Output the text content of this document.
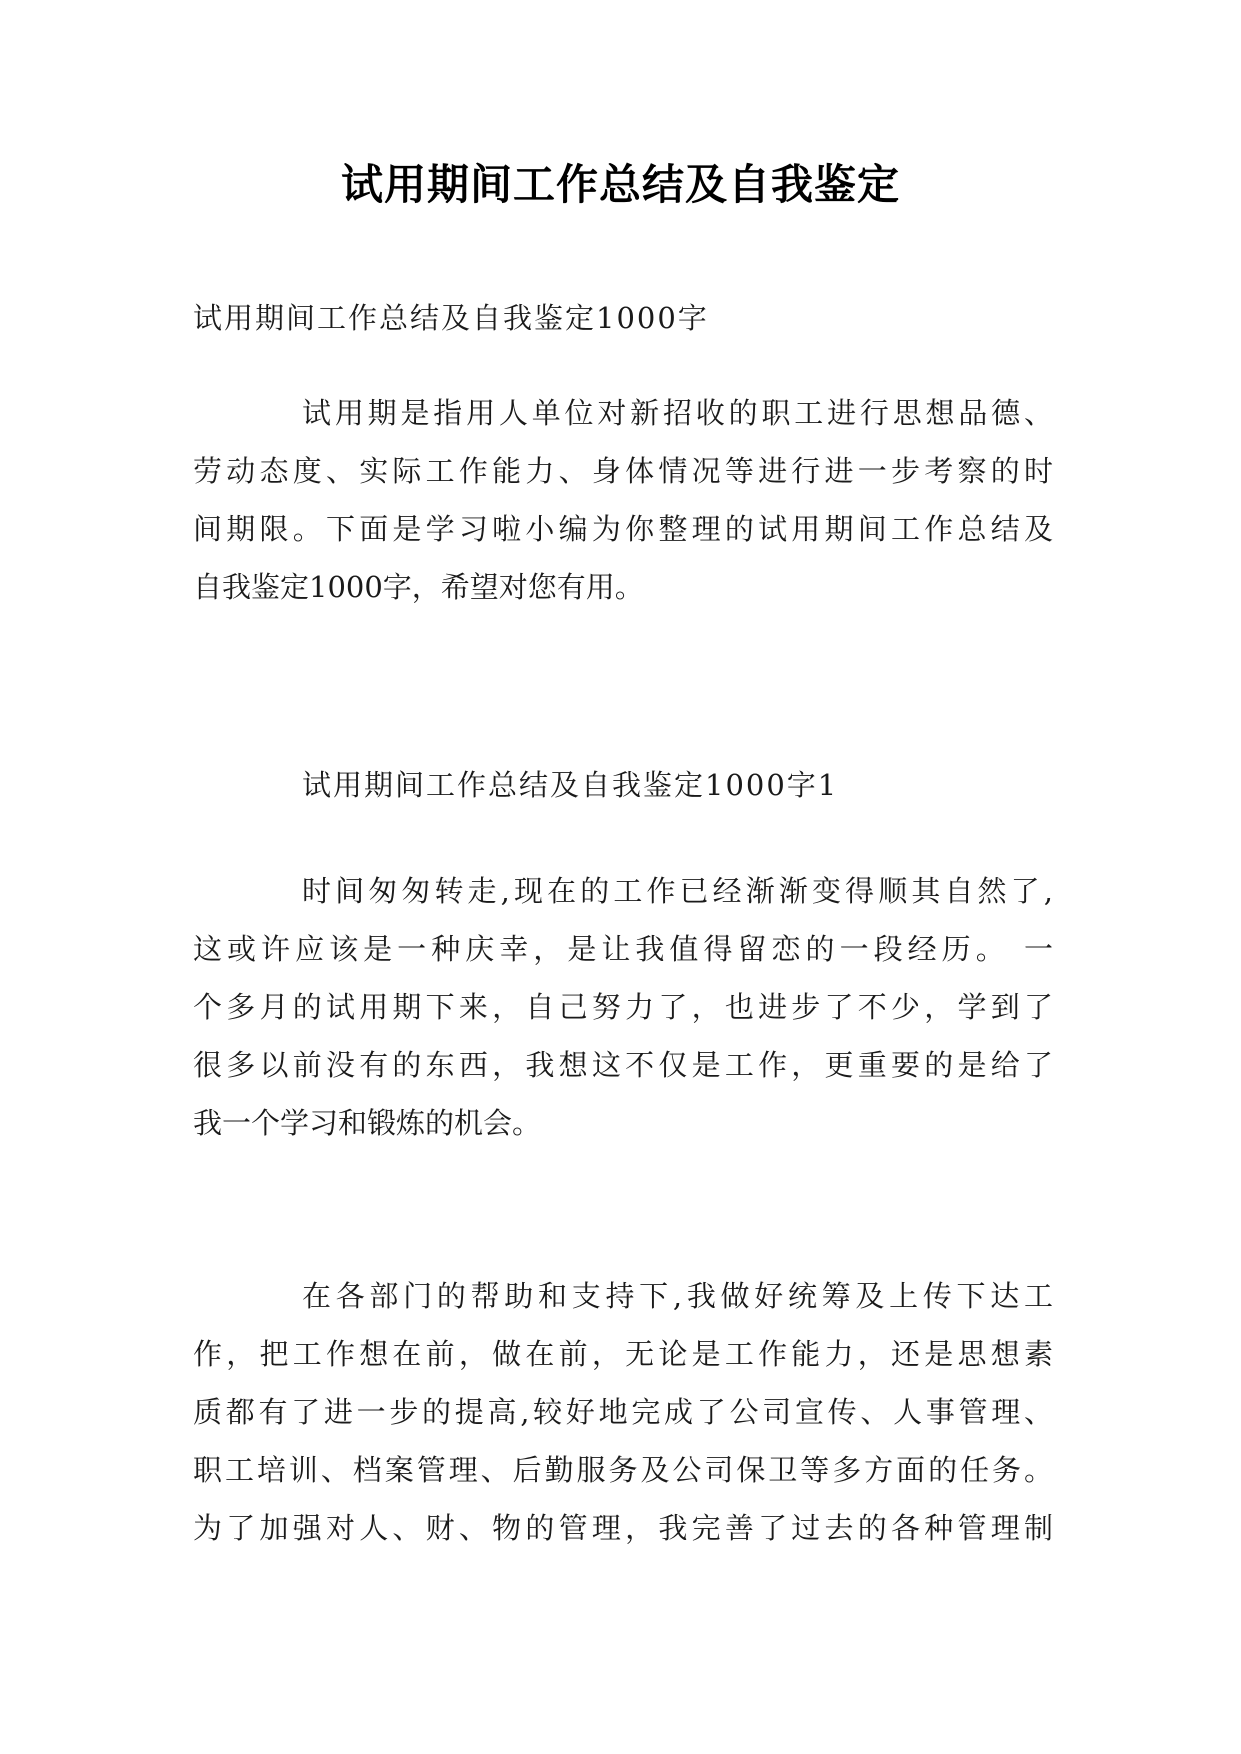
试用期间工作总结及自我鉴定

试用期间工作总结及自我鉴定1000字

试用期是指用人单位对新招收的职工进行思想品德、

劳动态度、实际工作能力、身体情况等进行进一步考察的时

间期限。下面是学习啦小编为你整理的试用期间工作总结及

自我鉴定1000字，希望对您有用。

试用期间工作总结及自我鉴定1000字1

时间匆匆转走,现在的工作已经渐渐变得顺其自然了,

这或许应该是一种庆幸，是让我值得留恋的一段经历。 一

个多月的试用期下来，自己努力了，也进步了不少，学到了

很多以前没有的东西，我想这不仅是工作，更重要的是给了

我一个学习和锻炼的机会。

在各部门的帮助和支持下,我做好统筹及上传下达工

作，把工作想在前，做在前，无论是工作能力，还是思想素

质都有了进一步的提高,较好地完成了公司宣传、人事管理、

职工培训、档案管理、后勤服务及公司保卫等多方面的任务。

为了加强对人、财、物的管理，我完善了过去的各种管理制
